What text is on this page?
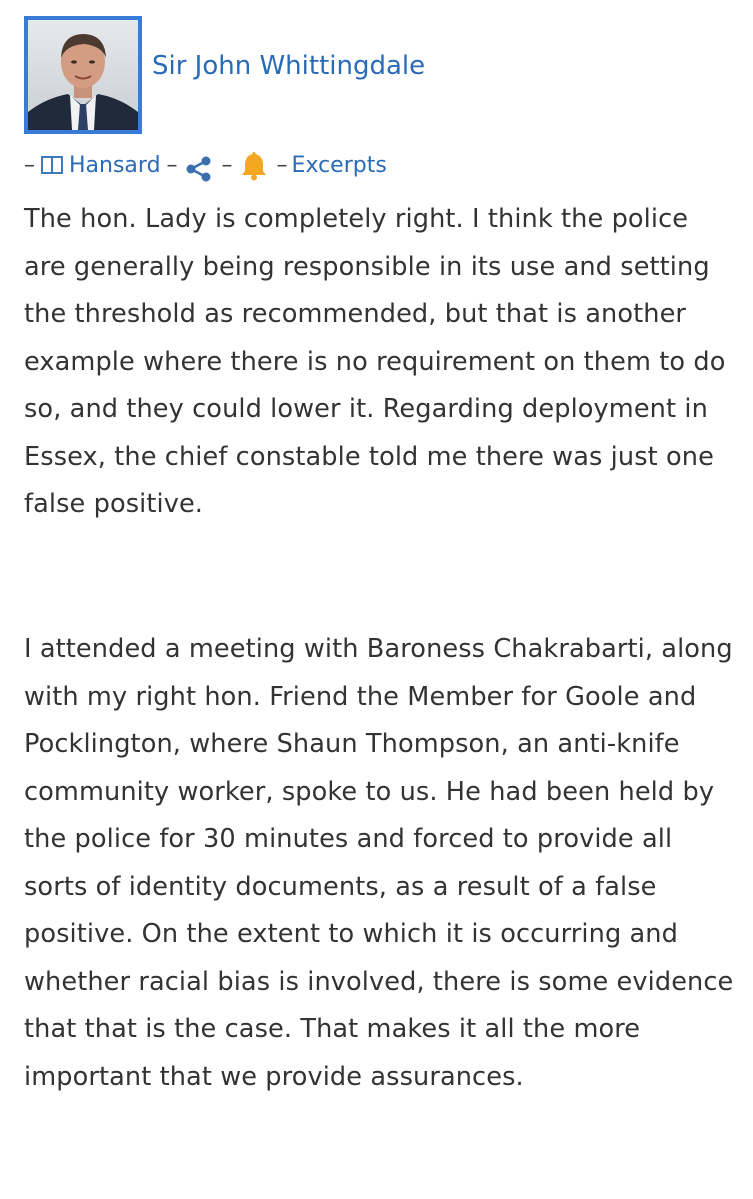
Sir John Whittingdale
– Hansard – – – Excerpts

The hon. Lady is completely right. I think the police are generally being responsible in its use and setting the threshold as recommended, but that is another example where there is no requirement on them to do so, and they could lower it. Regarding deployment in Essex, the chief constable told me there was just one false positive.

I attended a meeting with Baroness Chakrabarti, along with my right hon. Friend the Member for Goole and Pocklington, where Shaun Thompson, an anti-knife community worker, spoke to us. He had been held by the police for 30 minutes and forced to provide all sorts of identity documents, as a result of a false positive. On the extent to which it is occurring and whether racial bias is involved, there is some evidence that that is the case. That makes it all the more important that we provide assurances.
